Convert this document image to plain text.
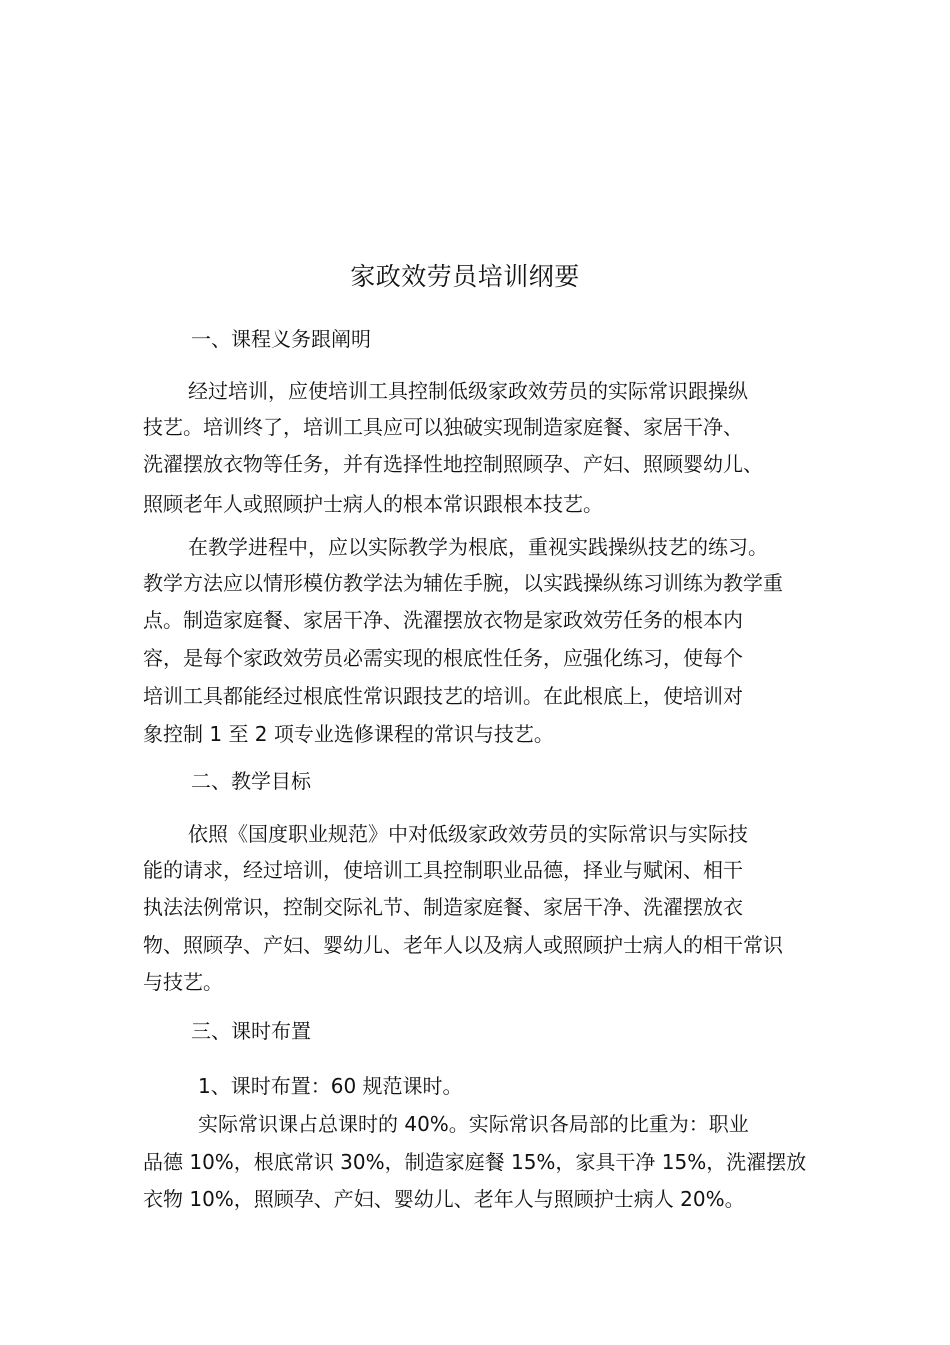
家政效劳员培训纲要
一、课程义务跟阐明
经过培训，应使培训工具控制低级家政效劳员的实际常识跟操纵
技艺。培训终了，培训工具应可以独破实现制造家庭餐、家居干净、
洗濯摆放衣物等任务，并有选择性地控制照顾孕、产妇、照顾婴幼儿、
照顾老年人或照顾护士病人的根本常识跟根本技艺。
在教学进程中，应以实际教学为根底，重视实践操纵技艺的练习。
教学方法应以情形模仿教学法为辅佐手腕，以实践操纵练习训练为教学重
点。制造家庭餐、家居干净、洗濯摆放衣物是家政效劳任务的根本内
容，是每个家政效劳员必需实现的根底性任务，应强化练习，使每个
培训工具都能经过根底性常识跟技艺的培训。在此根底上，使培训对
象控制 1 至 2 项专业选修课程的常识与技艺。
二、教学目标
依照《国度职业规范》中对低级家政效劳员的实际常识与实际技
能的请求，经过培训，使培训工具控制职业品德，择业与赋闲、相干
执法法例常识，控制交际礼节、制造家庭餐、家居干净、洗濯摆放衣
物、照顾孕、产妇、婴幼儿、老年人以及病人或照顾护士病人的相干常识
与技艺。
三、课时布置
1、课时布置：60 规范课时。
实际常识课占总课时的 40%。实际常识各局部的比重为：职业
品德 10%，根底常识 30%，制造家庭餐 15%，家具干净 15%，洗濯摆放
衣物 10%，照顾孕、产妇、婴幼儿、老年人与照顾护士病人 20%。
